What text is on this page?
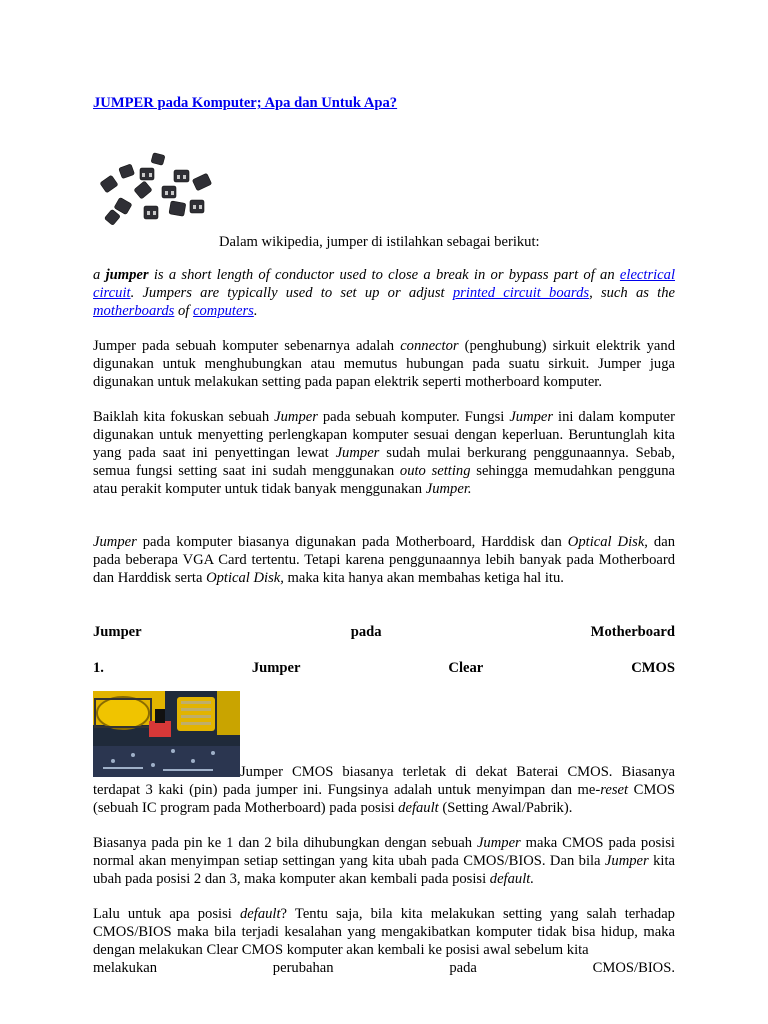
JUMPER pada Komputer; Apa dan Untuk Apa?
Dalam wikipedia, jumper di istilahkan sebagai berikut:

a jumper is a short length of conductor used to close a break in or bypass part of an electrical circuit. Jumpers are typically used to set up or adjust printed circuit boards, such as the motherboards of computers.

Jumper pada sebuah komputer sebenarnya adalah connector (penghubung) sirkuit elektrik yand digunakan untuk menghubungkan atau memutus hubungan pada suatu sirkuit. Jumper juga digunakan untuk melakukan setting pada papan elektrik seperti motherboard komputer.

Baiklah kita fokuskan sebuah Jumper pada sebuah komputer. Fungsi Jumper ini dalam komputer digunakan untuk menyetting perlengkapan komputer sesuai dengan keperluan. Beruntunglah kita yang pada saat ini penyettingan lewat Jumper sudah mulai berkurang penggunaannya. Sebab, semua fungsi setting saat ini sudah menggunakan outo setting sehingga memudahkan pengguna atau perakit komputer untuk tidak banyak menggunakan Jumper.

Jumper pada komputer biasanya digunakan pada Motherboard, Harddisk dan Optical Disk, dan pada beberapa VGA Card tertentu. Tetapi karena penggunaannya lebih banyak pada Motherboard dan Harddisk serta Optical Disk, maka kita hanya akan membahas ketiga hal itu.

Jumper	pada	Motherboard
1.	Jumper	Clear	CMOS

Jumper CMOS biasanya terletak di dekat Baterai CMOS. Biasanya terdapat 3 kaki (pin) pada jumper ini. Fungsinya adalah untuk menyimpan dan me-reset CMOS (sebuah IC program pada Motherboard) pada posisi default (Setting Awal/Pabrik).

Biasanya pada pin ke 1 dan 2 bila dihubungkan dengan sebuah Jumper maka CMOS pada posisi normal akan menyimpan setiap settingan yang kita ubah pada CMOS/BIOS. Dan bila Jumper kita ubah pada posisi 2 dan 3, maka komputer akan kembali pada posisi default.

Lalu untuk apa posisi default? Tentu saja, bila kita melakukan setting yang salah terhadap CMOS/BIOS maka bila terjadi kesalahan yang mengakibatkan komputer tidak bisa hidup, maka dengan melakukan Clear CMOS komputer akan kembali ke posisi awal sebelum kita

melakukan	perubahan	pada	CMOS/BIOS.
